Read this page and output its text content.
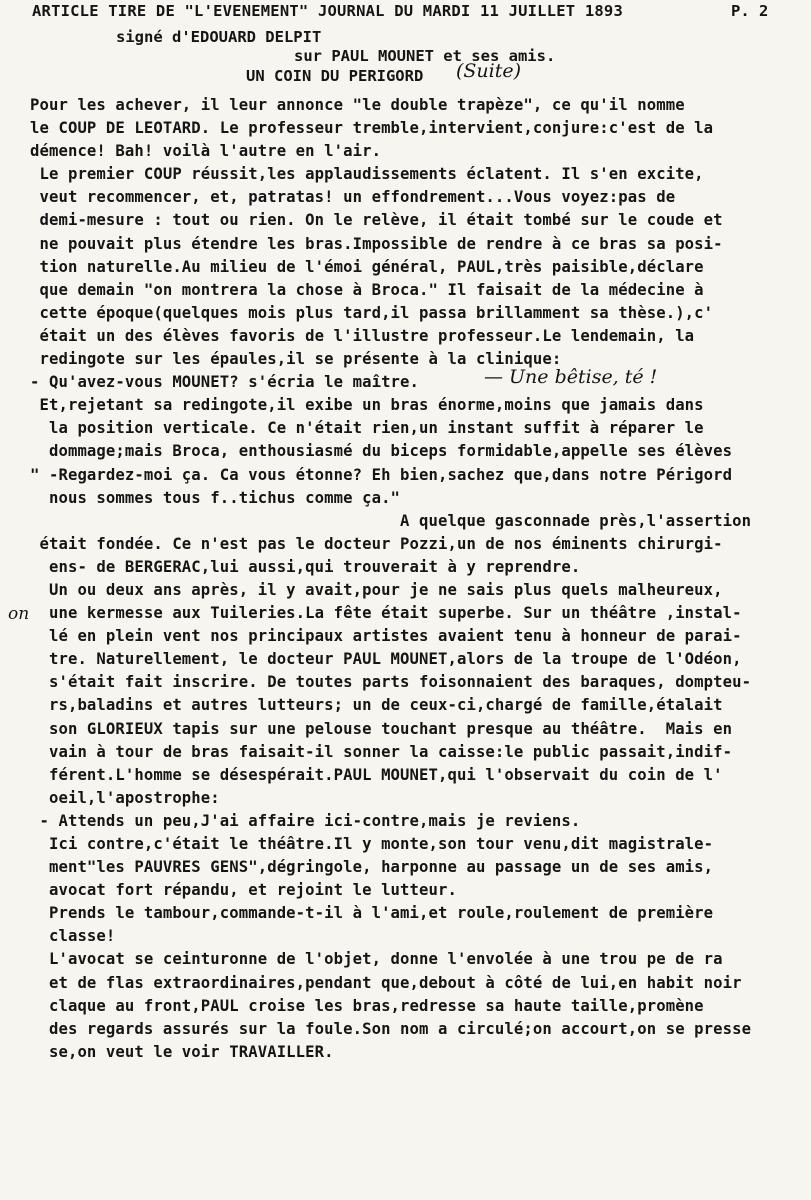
ARTICLE TIRE DE "L'EVENEMENT" JOURNAL DU MARDI 11 JUILLET 1893	P. 2
signé d'EDOUARD DELPIT
sur PAUL MOUNET et ses amis.
UN COIN DU PERIGORD (Suite)
Pour les achever, il leur annonce "le double trapèze", ce qu'il nomme
le COUP DE LEOTARD. Le professeur tremble,intervient,conjure:c'est de la
démence! Bah! voilà l'autre en l'air.
Le premier COUP réussit,les applaudissements éclatent. Il s'en excite,
veut recommencer, et, patratas! un effondrement...Vous voyez:pas de
demi-mesure : tout ou rien. On le relève, il était tombé sur le coude et
ne pouvait plus étendre les bras.Impossible de rendre à ce bras sa posi-
tion naturelle.Au milieu de l'émoi général, PAUL,très paisible,déclare
que demain "on montrera la chose à Broca." Il faisait de la médecine à
cette époque(quelques mois plus tard,il passa brillamment sa thèse.),c'
était un des élèves favoris de l'illustre professeur.Le lendemain, la
redingote sur les épaules,il se présente à la clinique:
- Qu'avez-vous MOUNET? s'écria le maître.
Et,rejetant sa redingote,il exibe un bras énorme,moins que jamais dans
la position verticale. Ce n'était rien,un instant suffit à réparer le
dommage;mais Broca, enthousiasmé du biceps formidable,appelle ses élèves
" -Regardez-moi ça. Ca vous étonne? Eh bien,sachez que,dans notre Périgord
nous sommes tous f..tichus comme ça."
A quelque gasconnade près,l'assertion
était fondée. Ce n'est pas le docteur Pozzi,un de nos éminents chirurgi-
ens- de BERGERAC,lui aussi,qui trouverait à y reprendre.
Un ou deux ans après, il y avait,pour je ne sais plus quels malheureux,
une kermesse aux Tuileries.La fête était superbe. Sur un théâtre ,instal-
lé en plein vent nos principaux artistes avaient tenu à honneur de parai-
tre. Naturellement, le docteur PAUL MOUNET,alors de la troupe de l'Odéon,
s'était fait inscrire. De toutes parts foisonnaient des baraques, dompteu-
rs,baladins et autres lutteurs; un de ceux-ci,chargé de famille,étalait
son GLORIEUX tapis sur une pelouse touchant presque au théâtre.  Mais en
vain à tour de bras faisait-il sonner la caisse:le public passait,indif-
férent.L'homme se désespérait.PAUL MOUNET,qui l'observait du coin de l'
oeil,l'apostrophe:
- Attends un peu,J'ai affaire ici-contre,mais je reviens.
Ici contre,c'était le théâtre.Il y monte,son tour venu,dit magistrale-
ment"les PAUVRES GENS",dégringole, harponne au passage un de ses amis,
avocat fort répandu, et rejoint le lutteur.
Prends le tambour,commande-t-il à l'ami,et roule,roulement de première
classe!
L'avocat se ceinturonne de l'objet, donne l'envolée à une trou pe de ra
et de flas extraordinaires,pendant que,debout à côté de lui,en habit noir
claque au front,PAUL croise les bras,redresse sa haute taille,promène
des regards assurés sur la foule.Son nom a circulé;on accourt,on se presse
se,on veut le voir TRAVAILLER.
— Une bêtise, té !
on
